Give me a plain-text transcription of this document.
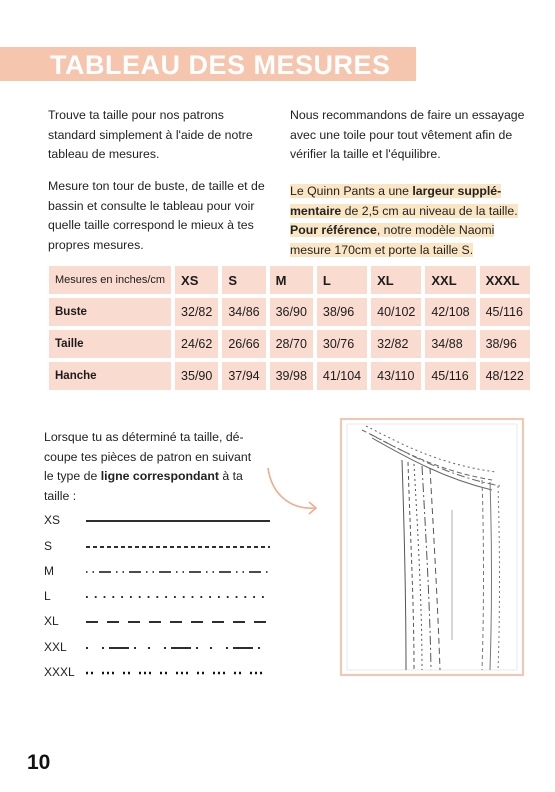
TABLEAU DES MESURES
Trouve ta taille pour nos patrons standard simplement à l'aide de notre tableau de mesures.
Mesure ton tour de buste, de taille et de bassin et consulte le tableau pour voir quelle taille correspond le mieux à tes propres mesures.
Nous recommandons de faire un essayage avec une toile pour tout vêtement afin de vérifier la taille et l'équilibre.
Le Quinn Pants a une largeur supplé-mentaire de 2,5 cm au niveau de la taille. Pour référence, notre modèle Naomi mesure 170cm et porte la taille S.
Mesures en inches/cm	XS	S	M	L	XL	XXL	XXXL
Buste	32/82	34/86	36/90	38/96	40/102	42/108	45/116
Taille	24/62	26/66	28/70	30/76	32/82	34/88	38/96
Hanche	35/90	37/94	39/98	41/104	43/110	45/116	48/122
Lorsque tu as déterminé ta taille, dé-coupe tes pièces de patron en suivant le type de ligne correspondant à ta taille :
XS
S
M
L
XL
XXL
XXXL
10
